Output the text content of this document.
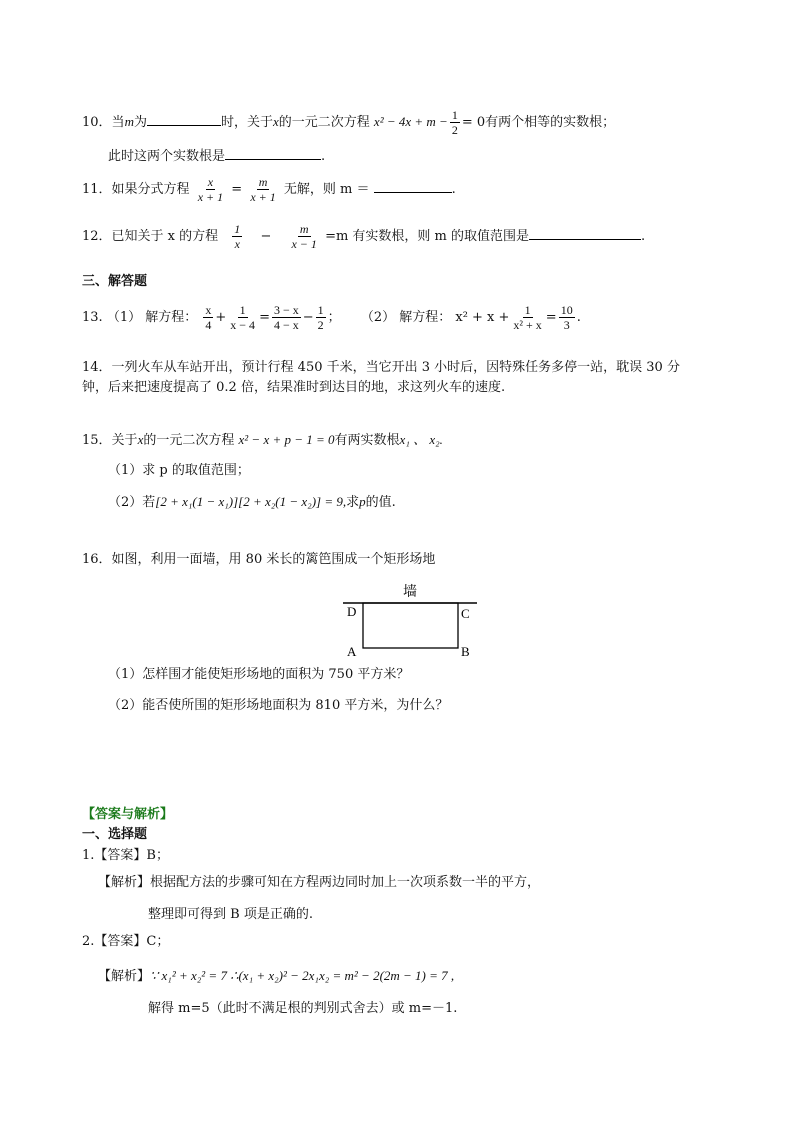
10．当m为	时，关于x的一元二次方程 $x^2 - 4x + m - \frac{1}{2} = 0$有两个相等的实数根；
此时这两个实数根是	.
11．如果分式方程 $\frac{x}{x + 1} = \frac{m}{x + 1}$ 无解，则 m ＝	.
12．已知关于 x 的方程 $\frac{1}{x} - \frac{m}{x - 1} =m$ 有实数根，则 m 的取值范围是	.
三、解答题
13. （1） 解方程： $\frac{x}{4} + \frac{1}{x - 4} = \frac{3 - x}{4 - x} - \frac{1}{2}$ ； （2） 解方程： $x^2 + x + \frac{1}{\text{x² + x}} = \frac{10}{3}$ .
14．一列火车从车站开出，预计行程 450 千米，当它开出 3 小时后，因特殊任务多停一站，耽误 30 分
钟，后来把速度提高了 0.2 倍，结果准时到达目的地，求这列火车的速度.
15．关于x的一元二次方程 x² − x + p − 1 = 0有两实数根x₁ 、 x₂.
（1）求 p 的取值范围；
（2）若[2 + x₁(1 − x₁)][2 + x₂(1 − x₂)] = 9,求p的值.
16．如图，利用一面墙，用 80 米长的篱笆围成一个矩形场地
墙
D	C
A	B
（1）怎样围才能使矩形场地的面积为 750 平方米？
（2）能否使所围的矩形场地面积为 810 平方米，为什么？
【答案与解析】
一、选择题
1.【答案】B；
【解析】根据配方法的步骤可知在方程两边同时加上一次项系数一半的平方，
整理即可得到 B 项是正确的.
2.【答案】C；
【解析】∵ x₁² + x₂² = 7 ∴(x₁ + x₂)² − 2x₁x₂ = m² − 2(2m − 1) = 7 ,
解得 m=5（此时不满足根的判别式舍去）或 m=－1.
